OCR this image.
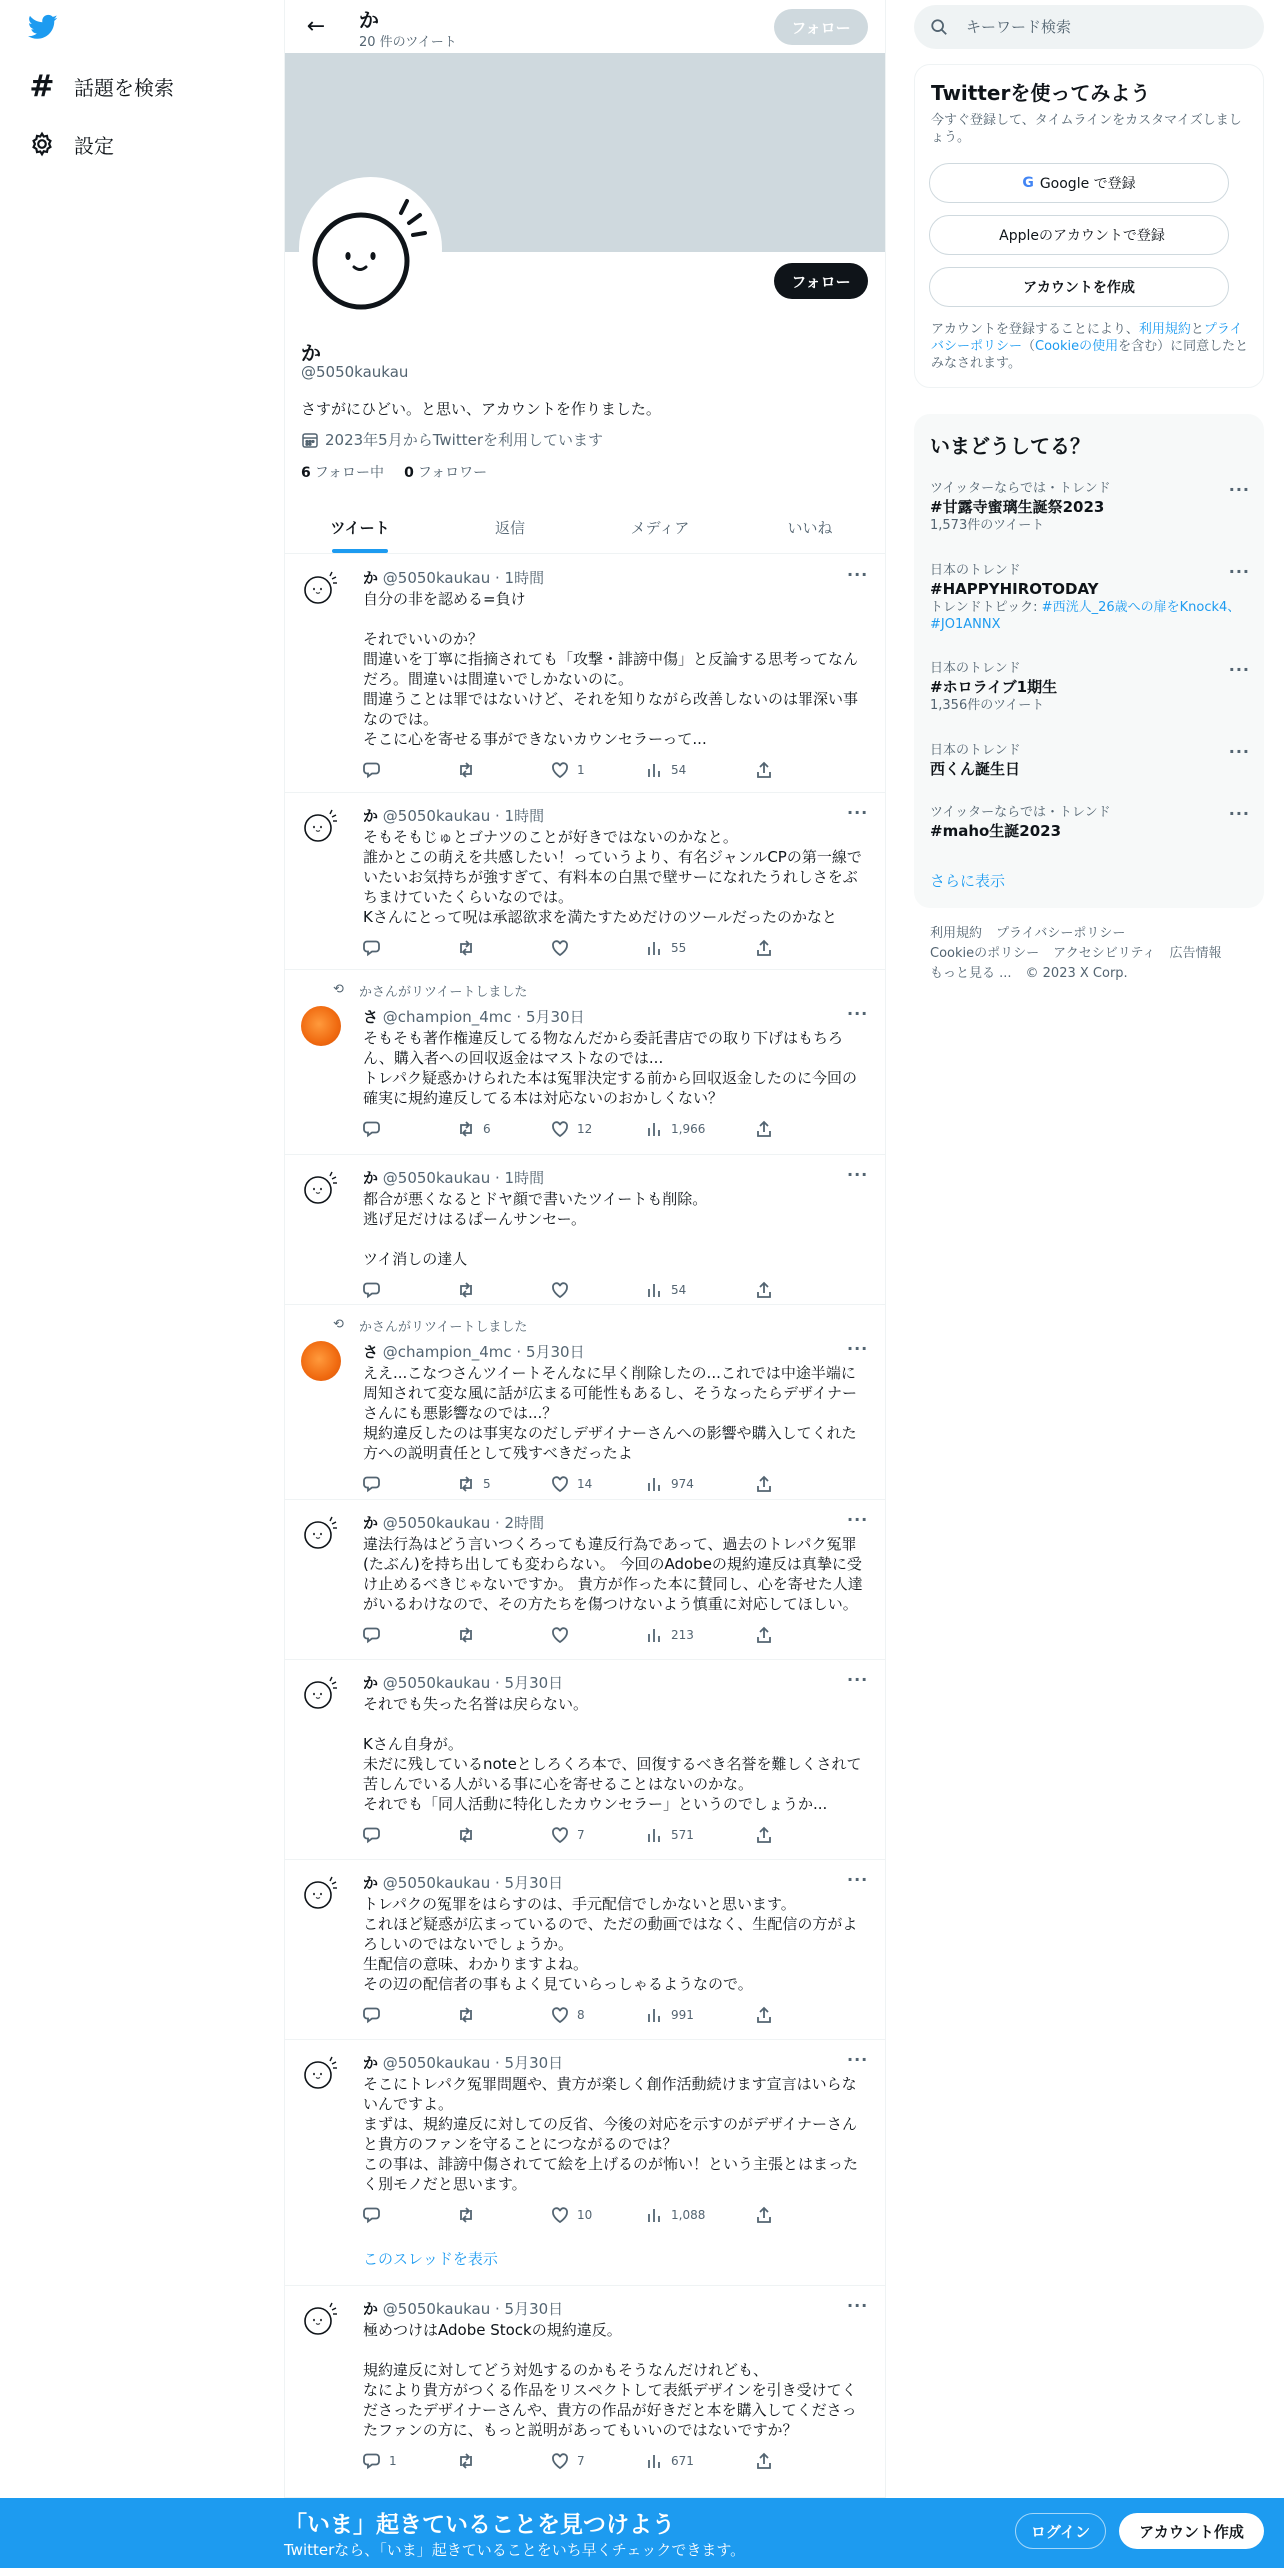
# 話題を検索
設定
← か
20 件のツイート
フォロー
フォロー
か
@5050kaukau
さすがにひどい。と思い、アカウントを作りました。
2023年5月からTwitterを利用しています
6 フォロー中 0 フォロワー
ツイート	返信	メディア	いいね
か @5050kaukau · 1時間	···
自分の非を認める=負け

それでいいのか？
間違いを丁寧に指摘されても「攻撃・誹謗中傷」と反論する思考ってなんだろ。間違いは間違いでしかないのに。
間違うことは罪ではないけど、それを知りながら改善しないのは罪深い事なのでは。
そこに心を寄せる事ができないカウンセラーって...
1	54
か @5050kaukau · 1時間	···
そもそもじゅとゴナツのことが好きではないのかなと。
誰かとこの萌えを共感したい！っていうより、有名ジャンルCPの第一線でいたいお気持ちが強すぎて、有料本の白黒で壁サーになれたうれしさをぶちまけていたくらいなのでは。
Kさんにとって呪は承認欲求を満たすためだけのツールだったのかなと
55
⟲ かさんがリツイートしました
さ @champion_4mc · 5月30日	···
そもそも著作権違反してる物なんだから委託書店での取り下げはもちろん、購入者への回収返金はマストなのでは...
トレパク疑惑かけられた本は冤罪決定する前から回収返金したのに今回の確実に規約違反してる本は対応ないのおかしくない？
6	12	1,966
か @5050kaukau · 1時間	···
都合が悪くなるとドヤ顔で書いたツイートも削除。
逃げ足だけはるぱーんサンセー。

ツイ消しの達人
54
⟲ かさんがリツイートしました
さ @champion_4mc · 5月30日	···
ええ...こなつさんツイートそんなに早く削除したの...これでは中途半端に周知されて変な風に話が広まる可能性もあるし、そうなったらデザイナーさんにも悪影響なのでは...？
規約違反したのは事実なのだしデザイナーさんへの影響や購入してくれた方への説明責任として残すべきだったよ
5	14	974
か @5050kaukau · 2時間	···
違法行為はどう言いつくろっても違反行為であって、過去のトレパク冤罪(たぶん)を持ち出しても変わらない。 今回のAdobeの規約違反は真摯に受け止めるべきじゃないですか。 貴方が作った本に賛同し、心を寄せた人達がいるわけなので、その方たちを傷つけないよう慎重に対応してほしい。
213
か @5050kaukau · 5月30日	···
それでも失った名誉は戻らない。

Kさん自身が。
未だに残しているnoteとしろくろ本で、回復するべき名誉を難しくされて苦しんでいる人がいる事に心を寄せることはないのかな。
それでも「同人活動に特化したカウンセラー」というのでしょうか...
7	571
か @5050kaukau · 5月30日	···
トレパクの冤罪をはらすのは、手元配信でしかないと思います。
これほど疑惑が広まっているので、ただの動画ではなく、生配信の方がよろしいのではないでしょうか。
生配信の意味、わかりますよね。
その辺の配信者の事もよく見ていらっしゃるようなので。
8	991
か @5050kaukau · 5月30日	···
そこにトレパク冤罪問題や、貴方が楽しく創作活動続けます宣言はいらないんですよ。
まずは、規約違反に対しての反省、今後の対応を示すのがデザイナーさんと貴方のファンを守ることにつながるのでは？
この事は、誹謗中傷されてて絵を上げるのが怖い！という主張とはまったく別モノだと思います。
10	1,088
このスレッドを表示
か @5050kaukau · 5月30日	···
極めつけはAdobe Stockの規約違反。

規約違反に対してどう対処するのかもそうなんだけれども、
なにより貴方がつくる作品をリスペクトして表紙デザインを引き受けてくださったデザイナーさんや、貴方の作品が好きだと本を購入してくださったファンの方に、もっと説明があってもいいのではないですか？
1	7	671
キーワード検索
Twitterを使ってみよう
今すぐ登録して、タイムラインをカスタマイズしましょう。
G Google で登録
Appleのアカウントで登録
アカウントを作成
アカウントを登録することにより、利用規約とプライバシーポリシー（Cookieの使用を含む）に同意したとみなされます。
いまどうしてる？
ツイッターならでは・トレンド
#甘露寺蜜璃生誕祭2023
1,573件のツイート
···
日本のトレンド
#HAPPYHIROTODAY
トレンドトピック: #西洸人_26歳への扉をKnock4、#JO1ANNX
···
日本のトレンド
#ホロライブ1期生
1,356件のツイート
···
日本のトレンド
西くん誕生日
···
ツイッターならでは・トレンド
#maho生誕2023
···
さらに表示
利用規約 プライバシーポリシー
Cookieのポリシー アクセシビリティ 広告情報
もっと見る ... © 2023 X Corp.
「いま」起きていることを見つけよう
Twitterなら、「いま」起きていることをいち早くチェックできます。
ログイン	アカウント作成
